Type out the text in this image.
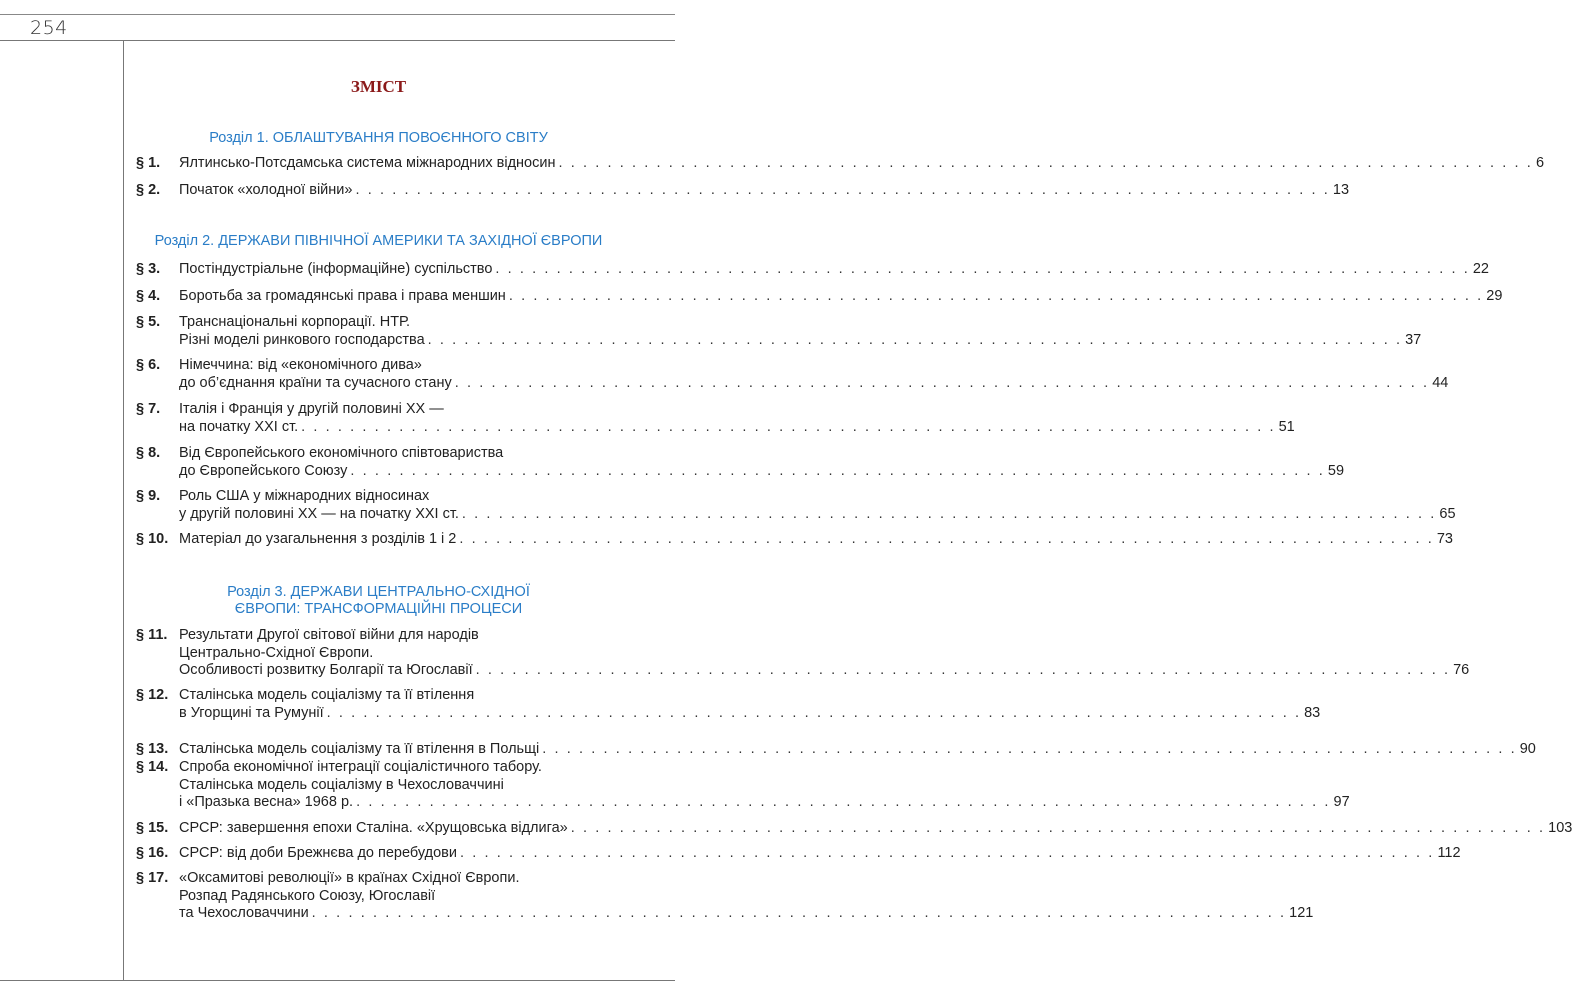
254
ЗМІСТ
Розділ 1. ОБЛАШТУВАННЯ ПОВОЄННОГО СВІТУ
§ 1. Ялтинсько-Потсдамська система міжнародних відносин . . . . . . . . . . . . . . . . . . . . . . . . . . . . . . . . . . . . . . . . . . . . . . . . . . . . . . . . . . . . . . . . . . . . . . . . . . . . . . . . 6
§ 2. Початок «холодної війни» . . . . . . . . . . . . . . . . . . . . . . . . . . . . . . . . . . . . . . . . . . . . . . . . . . . . . . . . . . . . . . . . . . . . . . . . . . . . . . . . 13
Розділ 2. ДЕРЖАВИ ПІВНІЧНОЇ АМЕРИКИ ТА ЗАХІДНОЇ ЄВРОПИ
§ 3. Постіндустріальне (інформаційне) суспільство . . . . . . . . . . . . . . . . . . . . . . . . . . . . . . . . . . . . . . . . . . . . . . . . . . . . . . . . . . . . . . . . . . . . . . . . . . . . . . . . 22
§ 4. Боротьба за громадянські права і права меншин . . . . . . . . . . . . . . . . . . . . . . . . . . . . . . . . . . . . . . . . . . . . . . . . . . . . . . . . . . . . . . . . . . . . . . . . . . . . . . . . 29
§ 5. Транснаціональні корпорації. НТР.
Різні моделі ринкового господарства . . . . . . . . . . . . . . . . . . . . . . . . . . . . . . . . . . . . . . . . . . . . . . . . . . . . . . . . . . . . . . . . . . . . . . . . . . . . . . . . 37
§ 6. Німеччина: від «економічного дива»
до об’єднання країни та сучасного стану . . . . . . . . . . . . . . . . . . . . . . . . . . . . . . . . . . . . . . . . . . . . . . . . . . . . . . . . . . . . . . . . . . . . . . . . . . . . . . . . 44
§ 7. Італія і Франція у другій половині XX —
на початку XXI ст. . . . . . . . . . . . . . . . . . . . . . . . . . . . . . . . . . . . . . . . . . . . . . . . . . . . . . . . . . . . . . . . . . . . . . . . . . . . . . . . . 51
§ 8. Від Європейського економічного співтовариства
до Європейського Союзу . . . . . . . . . . . . . . . . . . . . . . . . . . . . . . . . . . . . . . . . . . . . . . . . . . . . . . . . . . . . . . . . . . . . . . . . . . . . . . . . 59
§ 9. Роль США у міжнародних відносинах
у другій половині XX — на початку XXI ст. . . . . . . . . . . . . . . . . . . . . . . . . . . . . . . . . . . . . . . . . . . . . . . . . . . . . . . . . . . . . . . . . . . . . . . . . . . . . . . . . 65
§ 10. Матеріал до узагальнення з розділів 1 і 2 . . . . . . . . . . . . . . . . . . . . . . . . . . . . . . . . . . . . . . . . . . . . . . . . . . . . . . . . . . . . . . . . . . . . . . . . . . . . . . . . 73
Розділ 3. ДЕРЖАВИ ЦЕНТРАЛЬНО-СХІДНОЇ
ЄВРОПИ: ТРАНСФОРМАЦІЙНІ ПРОЦЕСИ
§ 11. Результати Другої світової війни для народів
Центрально-Східної Європи.
Особливості розвитку Болгарії та Югославії . . . . . . . . . . . . . . . . . . . . . . . . . . . . . . . . . . . . . . . . . . . . . . . . . . . . . . . . . . . . . . . . . . . . . . . . . . . . . . . . 76
§ 12. Сталінська модель соціалізму та її втілення
в Угорщині та Румунії . . . . . . . . . . . . . . . . . . . . . . . . . . . . . . . . . . . . . . . . . . . . . . . . . . . . . . . . . . . . . . . . . . . . . . . . . . . . . . . . 83
§ 13. Сталінська модель соціалізму та її втілення в Польщі . . . . . . . . . . . . . . . . . . . . . . . . . . . . . . . . . . . . . . . . . . . . . . . . . . . . . . . . . . . . . . . . . . . . . . . . . . . . . . . . 90
§ 14. Спроба економічної інтеграції соціалістичного табору.
Сталінська модель соціалізму в Чехословаччині
і «Празька весна» 1968 р. . . . . . . . . . . . . . . . . . . . . . . . . . . . . . . . . . . . . . . . . . . . . . . . . . . . . . . . . . . . . . . . . . . . . . . . . . . . . . . . . 97
§ 15. СРСР: завершення епохи Сталіна. «Хрущовська відлига» . . . . . . . . . . . . . . . . . . . . . . . . . . . . . . . . . . . . . . . . . . . . . . . . . . . . . . . . . . . . . . . . . . . . . . . . . . . . . . . . 103
§ 16. СРСР: від доби Брежнєва до перебудови . . . . . . . . . . . . . . . . . . . . . . . . . . . . . . . . . . . . . . . . . . . . . . . . . . . . . . . . . . . . . . . . . . . . . . . . . . . . . . . . 112
§ 17. «Оксамитові революції» в країнах Східної Європи.
Розпад Радянського Союзу, Югославії
та Чехословаччини . . . . . . . . . . . . . . . . . . . . . . . . . . . . . . . . . . . . . . . . . . . . . . . . . . . . . . . . . . . . . . . . . . . . . . . . . . . . . . . . 121
